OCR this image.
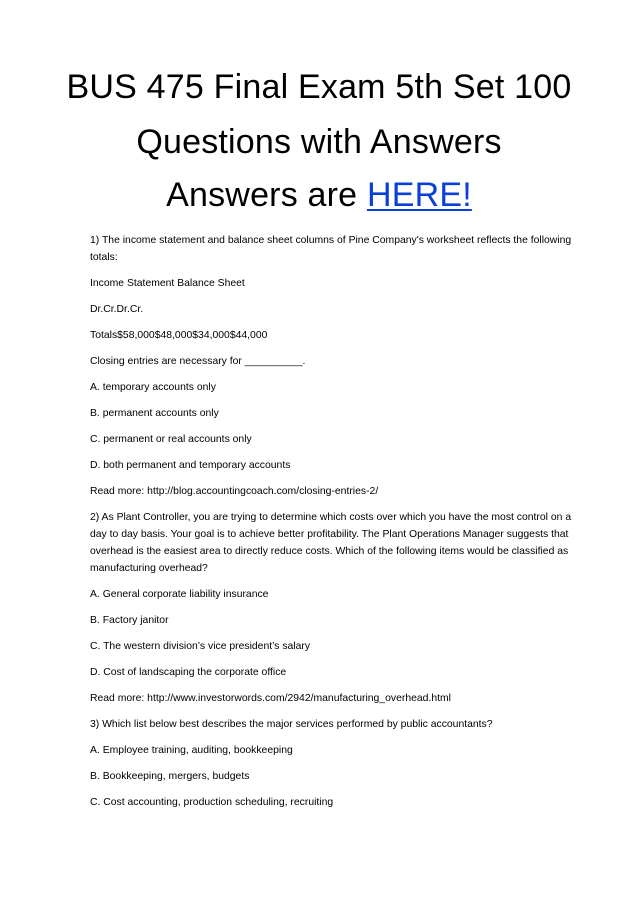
BUS 475 Final Exam 5th Set 100
Questions with Answers
Answers are HERE!

1) The income statement and balance sheet columns of Pine Company's worksheet reflects the following totals:

Income Statement Balance Sheet

Dr.Cr.Dr.Cr.

Totals$58,000$48,000$34,000$44,000

Closing entries are necessary for __________.

A. temporary accounts only

B. permanent accounts only

C. permanent or real accounts only

D. both permanent and temporary accounts

Read more: http://blog.accountingcoach.com/closing-entries-2/

2) As Plant Controller, you are trying to determine which costs over which you have the most control on a day to day basis. Your goal is to achieve better profitability. The Plant Operations Manager suggests that overhead is the easiest area to directly reduce costs. Which of the following items would be classified as manufacturing overhead?

A. General corporate liability insurance

B. Factory janitor

C. The western division’s vice president’s salary

D. Cost of landscaping the corporate office

Read more: http://www.investorwords.com/2942/manufacturing_overhead.html

3) Which list below best describes the major services performed by public accountants?

A. Employee training, auditing, bookkeeping

B. Bookkeeping, mergers, budgets

C. Cost accounting, production scheduling, recruiting
